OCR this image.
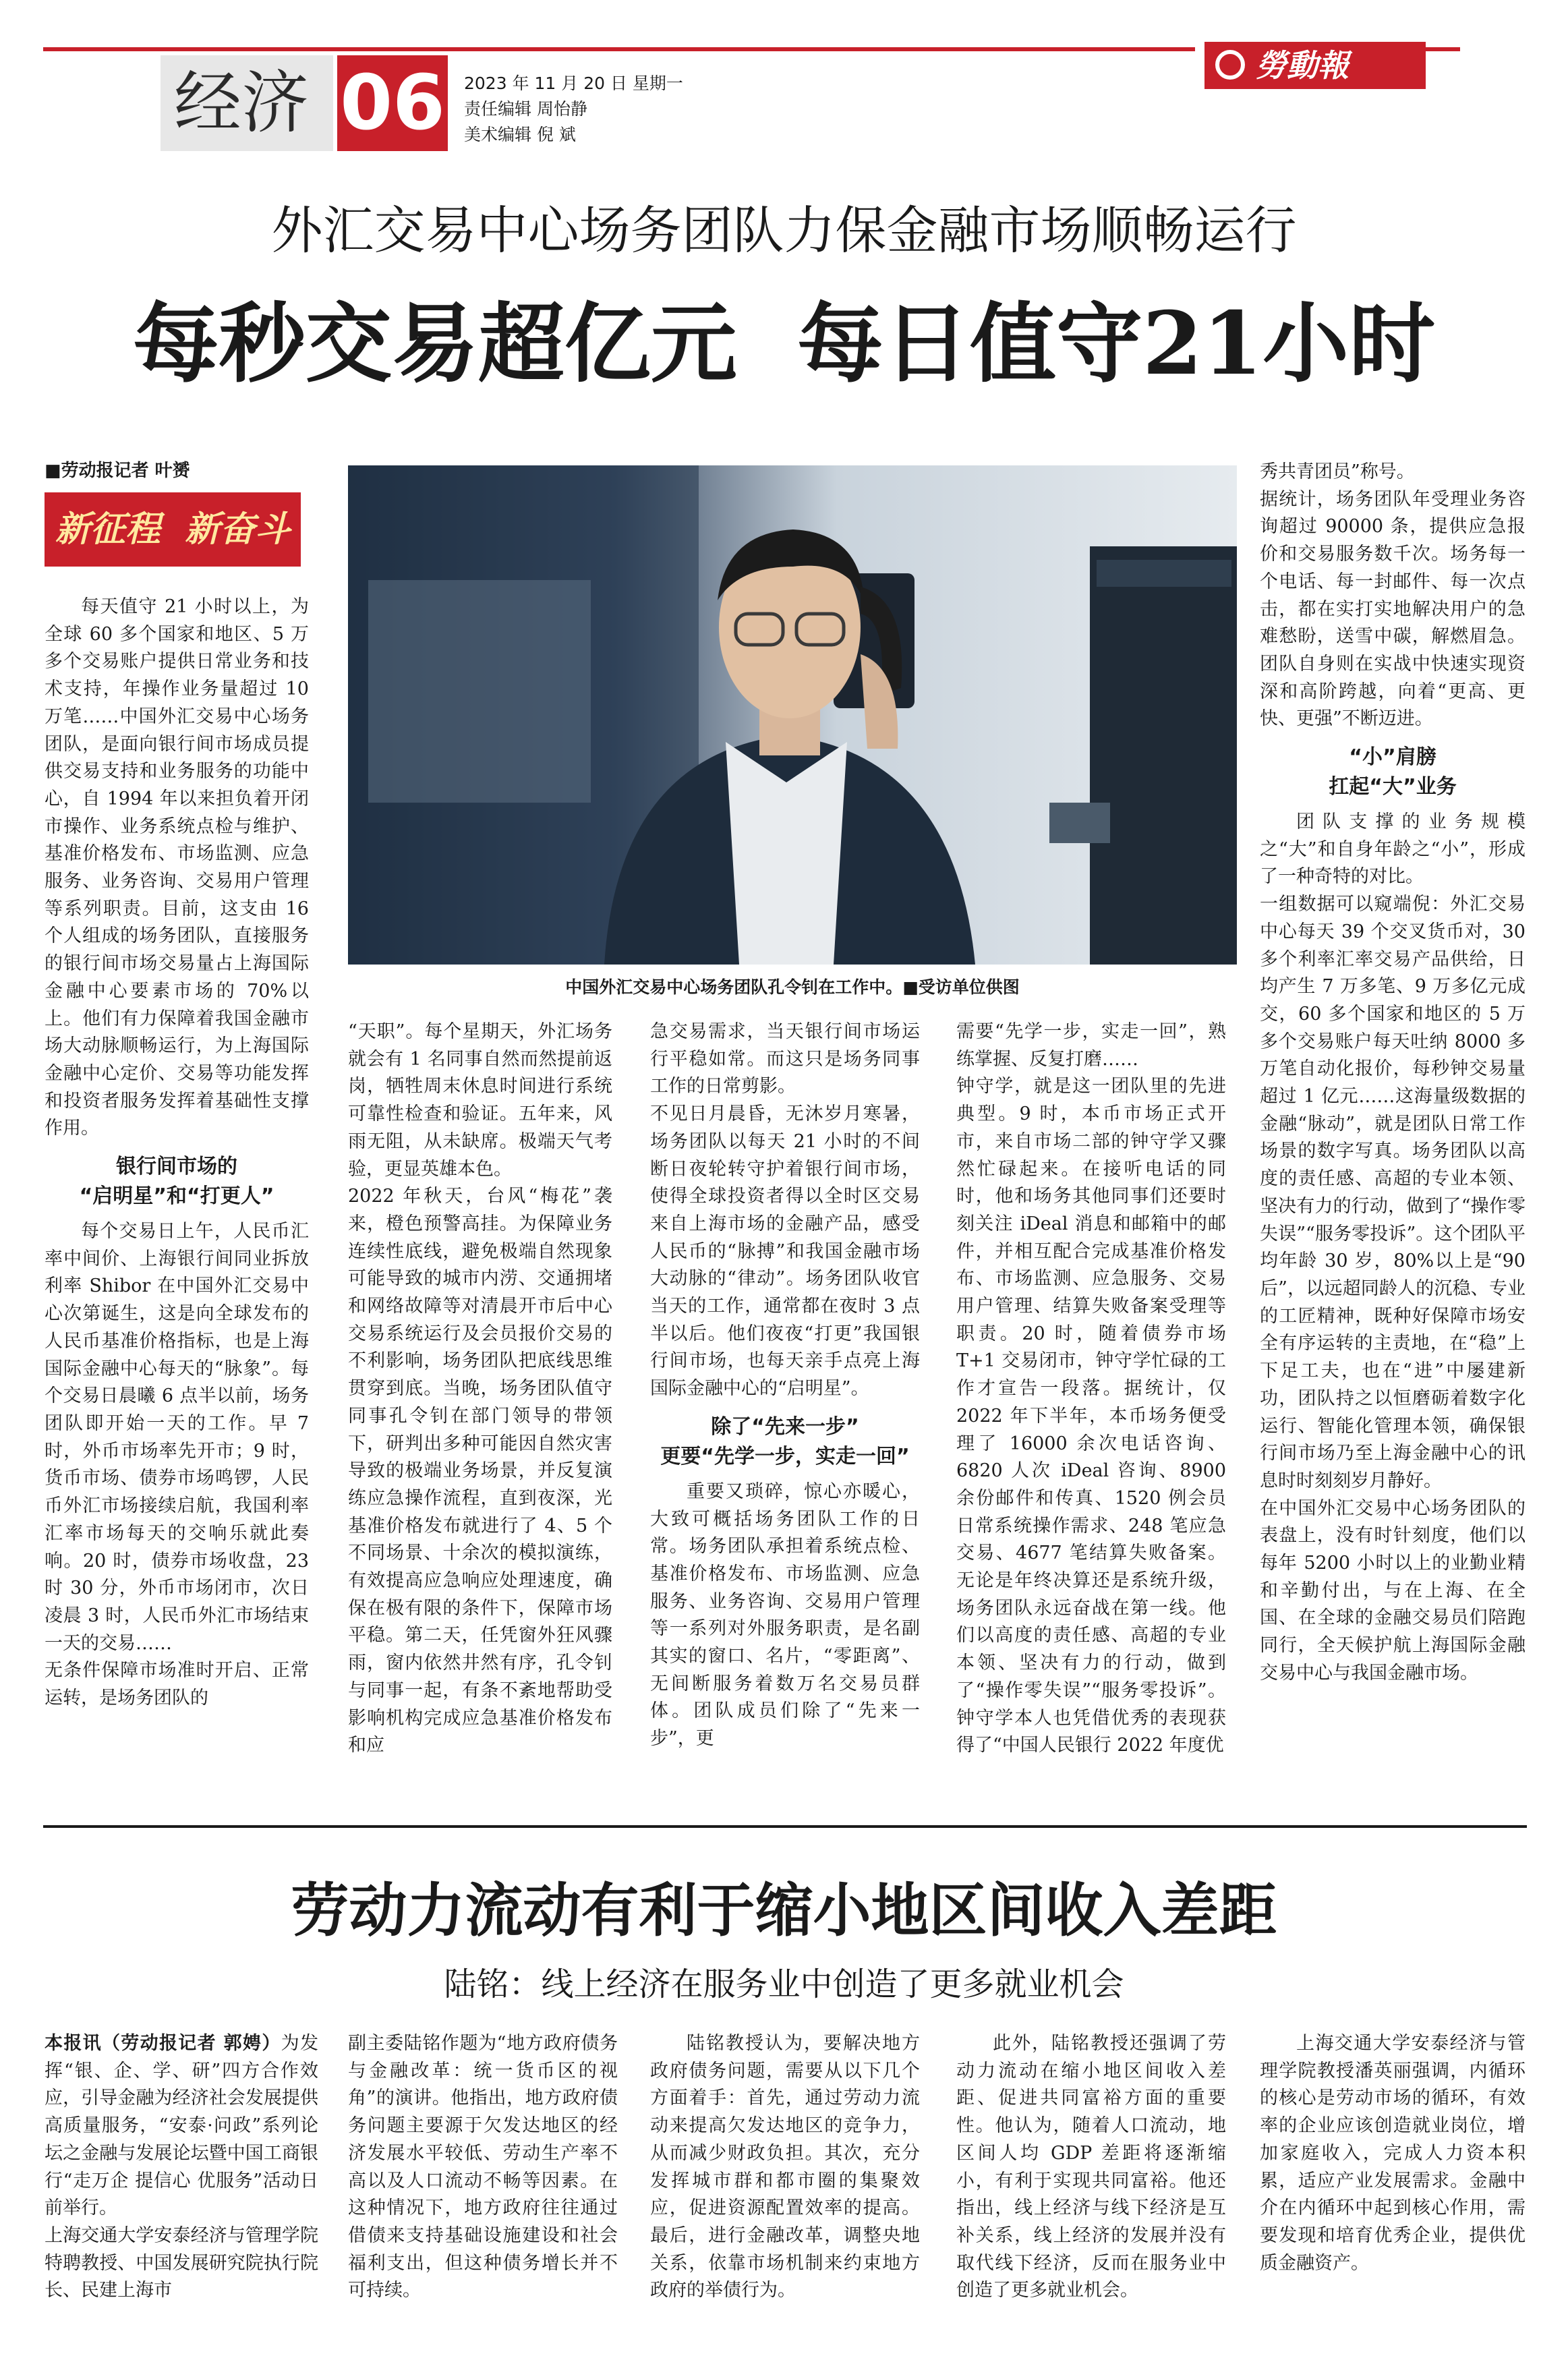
经济 06 2023 年 11 月 20 日 星期一
责任编辑 周怡静
美术编辑 倪 斌
勞動報
外汇交易中心场务团队力保金融市场顺畅运行
每秒交易超亿元  每日值守21小时
■劳动报记者 叶赟
新征程  新奋斗
中国外汇交易中心场务团队孔令钊在工作中。■受访单位供图

每天值守 21 小时以上，为全球 60 多个国家和地区、5 万多个交易账户提供日常业务和技术支持，年操作业务量超过 10 万笔……中国外汇交易中心场务团队，是面向银行间市场成员提供交易支持和业务服务的功能中心，自 1994 年以来担负着开闭市操作、业务系统点检与维护、基准价格发布、市场监测、应急服务、业务咨询、交易用户管理等系列职责。目前，这支由 16 个人组成的场务团队，直接服务的银行间市场交易量占上海国际金融中心要素市场的 70%以上。他们有力保障着我国金融市场大动脉顺畅运行，为上海国际金融中心定价、交易等功能发挥和投资者服务发挥着基础性支撑作用。

银行间市场的
“启明星”和“打更人”

每个交易日上午，人民币汇率中间价、上海银行间同业拆放利率 Shibor 在中国外汇交易中心次第诞生，这是向全球发布的人民币基准价格指标，也是上海国际金融中心每天的“脉象”。每个交易日晨曦 6 点半以前，场务团队即开始一天的工作。早 7 时，外币市场率先开市；9 时，货币市场、债券市场鸣锣，人民币外汇市场接续启航，我国利率汇率市场每天的交响乐就此奏响。20 时，债券市场收盘，23 时 30 分，外币市场闭市，次日凌晨 3 时，人民币外汇市场结束一天的交易……
无条件保障市场准时开启、正常运转，是场务团队的

“天职”。每个星期天，外汇场务就会有 1 名同事自然而然提前返岗，牺牲周末休息时间进行系统可靠性检查和验证。五年来，风雨无阻，从未缺席。极端天气考验，更显英雄本色。
2022 年秋天，台风“梅花”袭来，橙色预警高挂。为保障业务连续性底线，避免极端自然现象可能导致的城市内涝、交通拥堵和网络故障等对清晨开市后中心交易系统运行及会员报价交易的不利影响，场务团队把底线思维贯穿到底。当晚，场务团队值守同事孔令钊在部门领导的带领下，研判出多种可能因自然灾害导致的极端业务场景，并反复演练应急操作流程，直到夜深，光基准价格发布就进行了 4、5 个不同场景、十余次的模拟演练，有效提高应急响应处理速度，确保在极有限的条件下，保障市场平稳。第二天，任凭窗外狂风骤雨，窗内依然井然有序，孔令钊与同事一起，有条不紊地帮助受影响机构完成应急基准价格发布和应

急交易需求，当天银行间市场运行平稳如常。而这只是场务同事工作的日常剪影。
不见日月晨昏，无沐岁月寒暑，场务团队以每天 21 小时的不间断日夜轮转守护着银行间市场，使得全球投资者得以全时区交易来自上海市场的金融产品，感受人民币的“脉搏”和我国金融市场大动脉的“律动”。场务团队收官当天的工作，通常都在夜时 3 点半以后。他们夜夜“打更”我国银行间市场，也每天亲手点亮上海国际金融中心的“启明星”。

除了“先来一步”
更要“先学一步，实走一回”

重要又琐碎，惊心亦暖心，大致可概括场务团队工作的日常。场务团队承担着系统点检、基准价格发布、市场监测、应急服务、业务咨询、交易用户管理等一系列对外服务职责，是名副其实的窗口、名片，“零距离”、无间断服务着数万名交易员群体。团队成员们除了“先来一步”，更

需要“先学一步，实走一回”，熟练掌握、反复打磨……
钟守学，就是这一团队里的先进典型。9 时，本币市场正式开市，来自市场二部的钟守学又骤然忙碌起来。在接听电话的同时，他和场务其他同事们还要时刻关注 iDeal 消息和邮箱中的邮件，并相互配合完成基准价格发布、市场监测、应急服务、交易用户管理、结算失败备案受理等职责。20 时，随着债券市场 T+1 交易闭市，钟守学忙碌的工作才宣告一段落。据统计，仅 2022 年下半年，本币场务便受理了 16000 余次电话咨询、6820 人次 iDeal 咨询、8900 余份邮件和传真、1520 例会员日常系统操作需求、248 笔应急交易、4677 笔结算失败备案。无论是年终决算还是系统升级，场务团队永远奋战在第一线。他们以高度的责任感、高超的专业本领、坚决有力的行动，做到了“操作零失误”“服务零投诉”。钟守学本人也凭借优秀的表现获得了“中国人民银行 2022 年度优

秀共青团员”称号。
据统计，场务团队年受理业务咨询超过 90000 条，提供应急报价和交易服务数千次。场务每一个电话、每一封邮件、每一次点击，都在实打实地解决用户的急难愁盼，送雪中碳，解燃眉急。团队自身则在实战中快速实现资深和高阶跨越，向着“更高、更快、更强”不断迈进。

“小”肩膀
扛起“大”业务

团队支撑的业务规模之“大”和自身年龄之“小”，形成了一种奇特的对比。
一组数据可以窥端倪：外汇交易中心每天 39 个交叉货币对，30 多个利率汇率交易产品供给，日均产生 7 万多笔、9 万多亿元成交，60 多个国家和地区的 5 万多个交易账户每天吐纳 8000 多万笔自动化报价，每秒钟交易量超过 1 亿元……这海量级数据的金融“脉动”，就是团队日常工作场景的数字写真。场务团队以高度的责任感、高超的专业本领、坚决有力的行动，做到了“操作零失误”“服务零投诉”。这个团队平均年龄 30 岁，80%以上是“90 后”，以远超同龄人的沉稳、专业的工匠精神，既种好保障市场安全有序运转的主责地，在“稳”上下足工夫，也在“进”中屡建新功，团队持之以恒磨砺着数字化运行、智能化管理本领，确保银行间市场乃至上海金融中心的讯息时时刻刻岁月静好。
在中国外汇交易中心场务团队的表盘上，没有时针刻度，他们以每年 5200 小时以上的业勤业精和辛勤付出，与在上海、在全国、在全球的金融交易员们陪跑同行，全天候护航上海国际金融交易中心与我国金融市场。

劳动力流动有利于缩小地区间收入差距
陆铭：线上经济在服务业中创造了更多就业机会

本报讯（劳动报记者 郭娉）为发挥“银、企、学、研”四方合作效应，引导金融为经济社会发展提供高质量服务，“安泰·问政”系列论坛之金融与发展论坛暨中国工商银行“走万企 提信心 优服务”活动日前举行。
上海交通大学安泰经济与管理学院特聘教授、中国发展研究院执行院长、民建上海市

副主委陆铭作题为“地方政府债务与金融改革：统一货币区的视角”的演讲。他指出，地方政府债务问题主要源于欠发达地区的经济发展水平较低、劳动生产率不高以及人口流动不畅等因素。在这种情况下，地方政府往往通过借债来支持基础设施建设和社会福利支出，但这种债务增长并不可持续。

陆铭教授认为，要解决地方政府债务问题，需要从以下几个方面着手：首先，通过劳动力流动来提高欠发达地区的竞争力，从而减少财政负担。其次，充分发挥城市群和都市圈的集聚效应，促进资源配置效率的提高。最后，进行金融改革，调整央地关系，依靠市场机制来约束地方政府的举债行为。

此外，陆铭教授还强调了劳动力流动在缩小地区间收入差距、促进共同富裕方面的重要性。他认为，随着人口流动，地区间人均 GDP 差距将逐渐缩小，有利于实现共同富裕。他还指出，线上经济与线下经济是互补关系，线上经济的发展并没有取代线下经济，反而在服务业中创造了更多就业机会。

上海交通大学安泰经济与管理学院教授潘英丽强调，内循环的核心是劳动市场的循环，有效率的企业应该创造就业岗位，增加家庭收入，完成人力资本积累，适应产业发展需求。金融中介在内循环中起到核心作用，需要发现和培育优秀企业，提供优质金融资产。
